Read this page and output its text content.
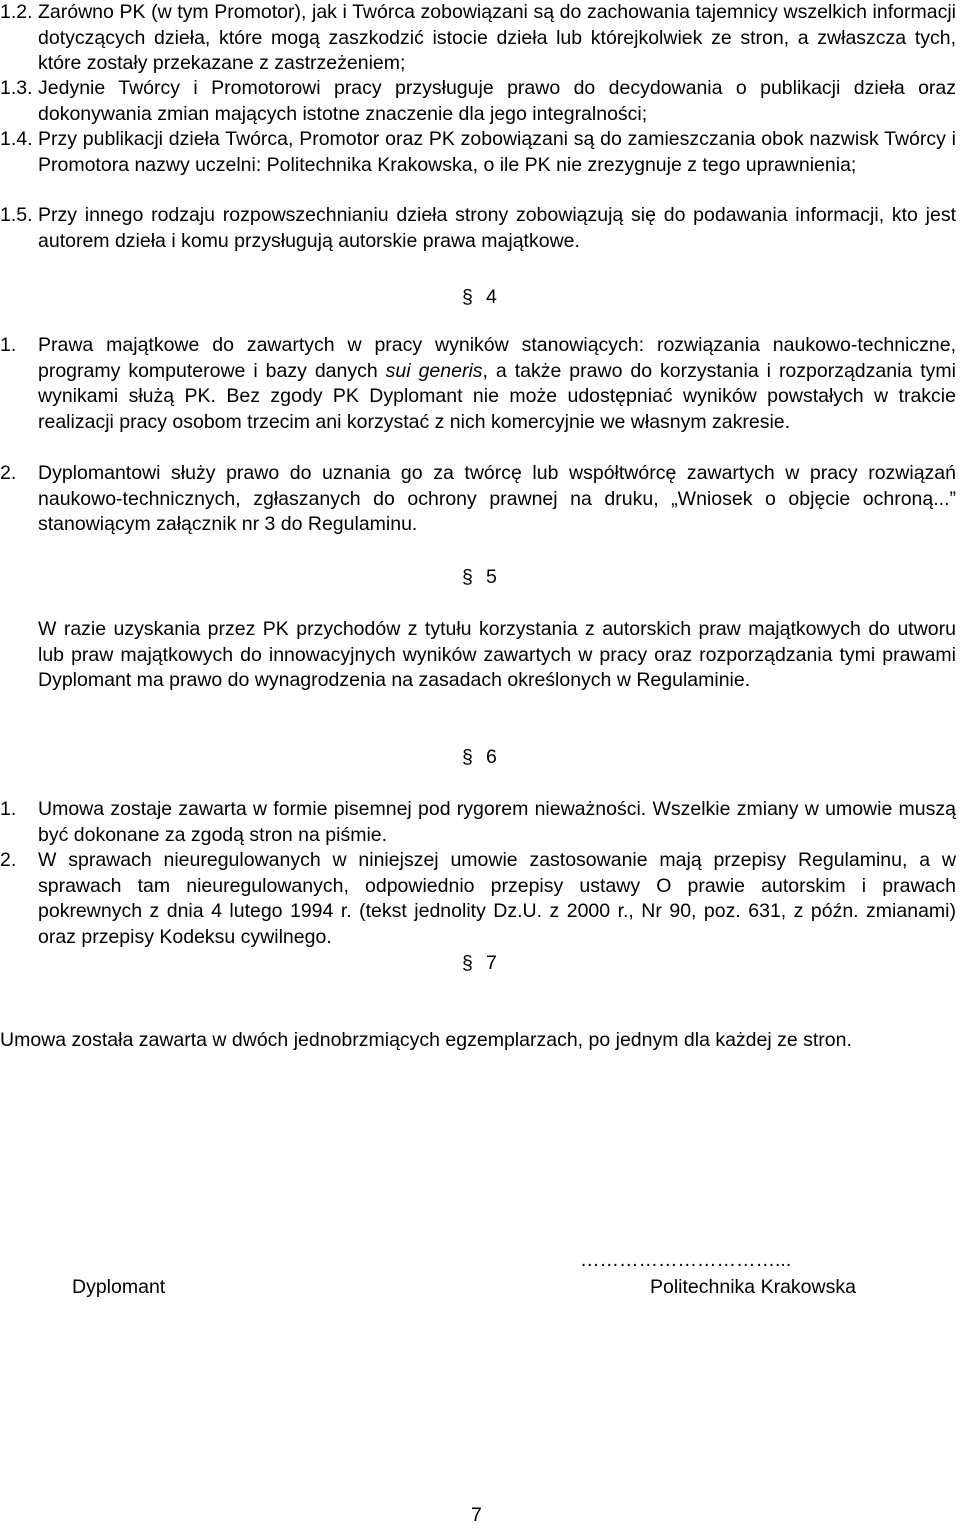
1.2. Zarówno PK (w tym Promotor), jak i Twórca zobowiązani są do zachowania tajemnicy wszelkich informacji dotyczących dzieła, które mogą zaszkodzić istocie dzieła lub którejkolwiek ze stron, a zwłaszcza tych, które zostały przekazane z zastrzeżeniem;
1.3. Jedynie Twórcy i Promotorowi pracy przysługuje prawo do decydowania o publikacji dzieła oraz dokonywania zmian mających istotne znaczenie dla jego integralności;
1.4. Przy publikacji dzieła Twórca, Promotor oraz PK zobowiązani są do zamieszczania obok nazwisk Twórcy i Promotora nazwy uczelni: Politechnika Krakowska, o ile PK nie zrezygnuje z tego uprawnienia;
1.5. Przy innego rodzaju rozpowszechnianiu dzieła strony zobowiązują się do podawania informacji, kto jest autorem dzieła i komu przysługują autorskie prawa majątkowe.
§ 4
1. Prawa majątkowe do zawartych w pracy wyników stanowiących: rozwiązania naukowo-techniczne, programy komputerowe i bazy danych sui generis, a także prawo do korzystania i rozporządzania tymi wynikami służą PK. Bez zgody PK Dyplomant nie może udostępniać wyników powstałych w trakcie realizacji pracy osobom trzecim ani korzystać z nich komercyjnie we własnym zakresie.
2. Dyplomantowi służy prawo do uznania go za twórcę lub współtwórcę zawartych w pracy rozwiązań naukowo-technicznych, zgłaszanych do ochrony prawnej na druku, „Wniosek o objęcie ochroną...” stanowiącym załącznik nr 3 do Regulaminu.
§ 5
W razie uzyskania przez PK przychodów z tytułu korzystania z autorskich praw majątkowych do utworu lub praw majątkowych do innowacyjnych wyników zawartych w pracy oraz rozporządzania tymi prawami Dyplomant ma prawo do wynagrodzenia na zasadach określonych w Regulaminie.
§ 6
1. Umowa zostaje zawarta w formie pisemnej pod rygorem nieważności. Wszelkie zmiany w umowie muszą być dokonane za zgodą stron na piśmie.
2. W sprawach nieuregulowanych w niniejszej umowie zastosowanie mają przepisy Regulaminu, a w sprawach tam nieuregulowanych, odpowiednio przepisy ustawy O prawie autorskim i prawach pokrewnych z dnia 4 lutego 1994 r. (tekst jednolity Dz.U. z 2000 r., Nr 90, poz. 631, z późn. zmianami) oraz przepisy Kodeksu cywilnego.
§ 7
Umowa została zawarta w dwóch jednobrzmiących egzemplarzach, po jednym dla każdej ze stron.
…………………………...
Dyplomant	Politechnika Krakowska
7
